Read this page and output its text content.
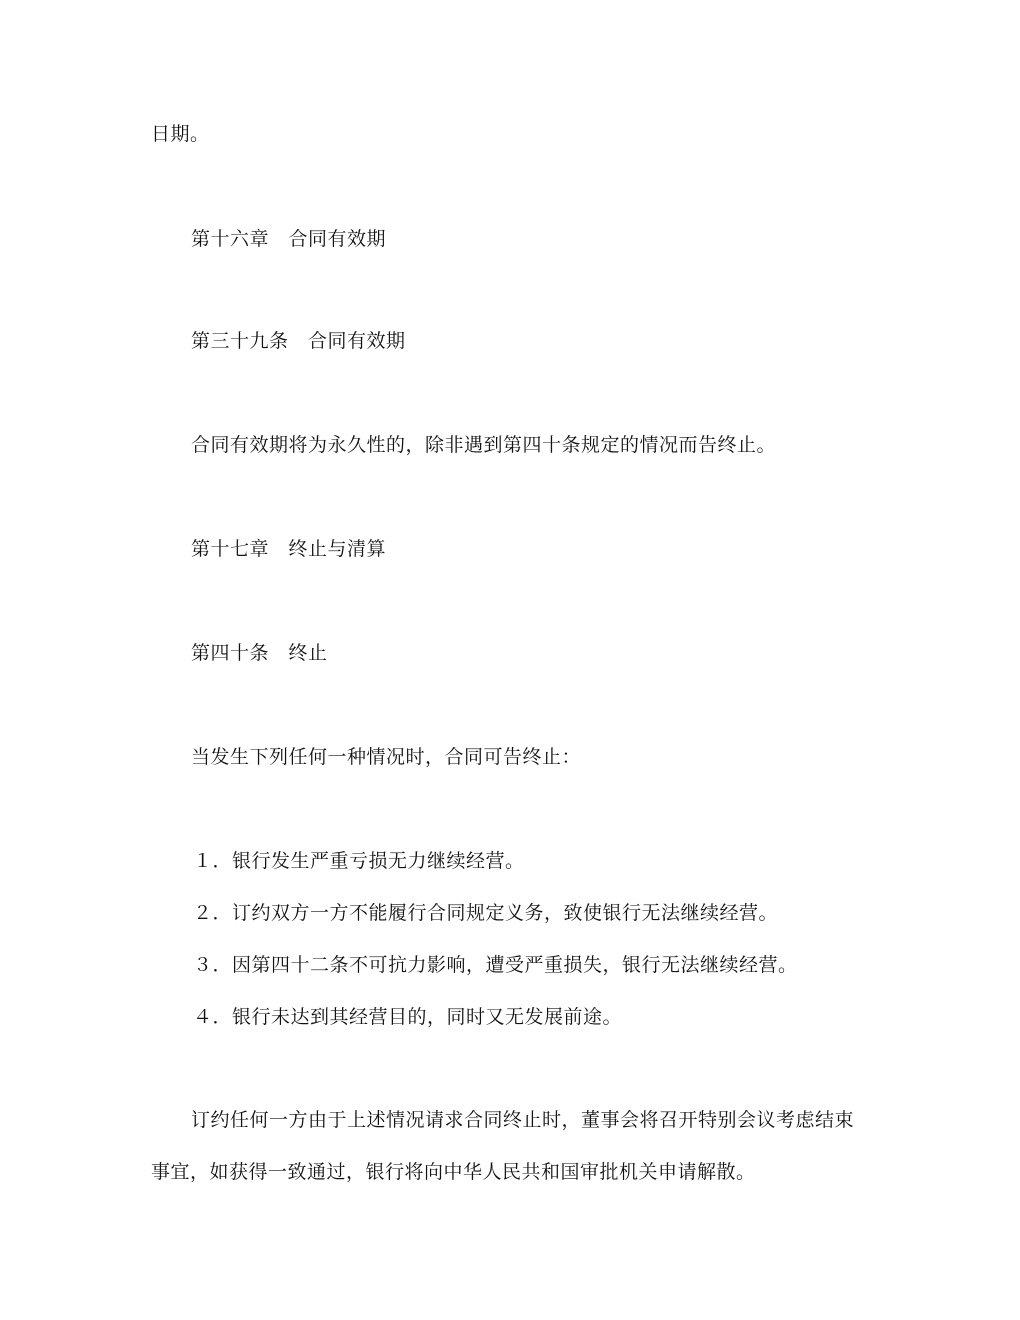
日期。
第十六章　合同有效期
第三十九条　合同有效期
合同有效期将为永久性的，除非遇到第四十条规定的情况而告终止。
第十七章　终止与清算
第四十条　终止
当发生下列任何一种情况时，合同可告终止：
１．银行发生严重亏损无力继续经营。
２．订约双方一方不能履行合同规定义务，致使银行无法继续经营。
３．因第四十二条不可抗力影响，遭受严重损失，银行无法继续经营。
４．银行未达到其经营目的，同时又无发展前途。
订约任何一方由于上述情况请求合同终止时，董事会将召开特别会议考虑结束
事宜，如获得一致通过，银行将向中华人民共和国审批机关申请解散。
